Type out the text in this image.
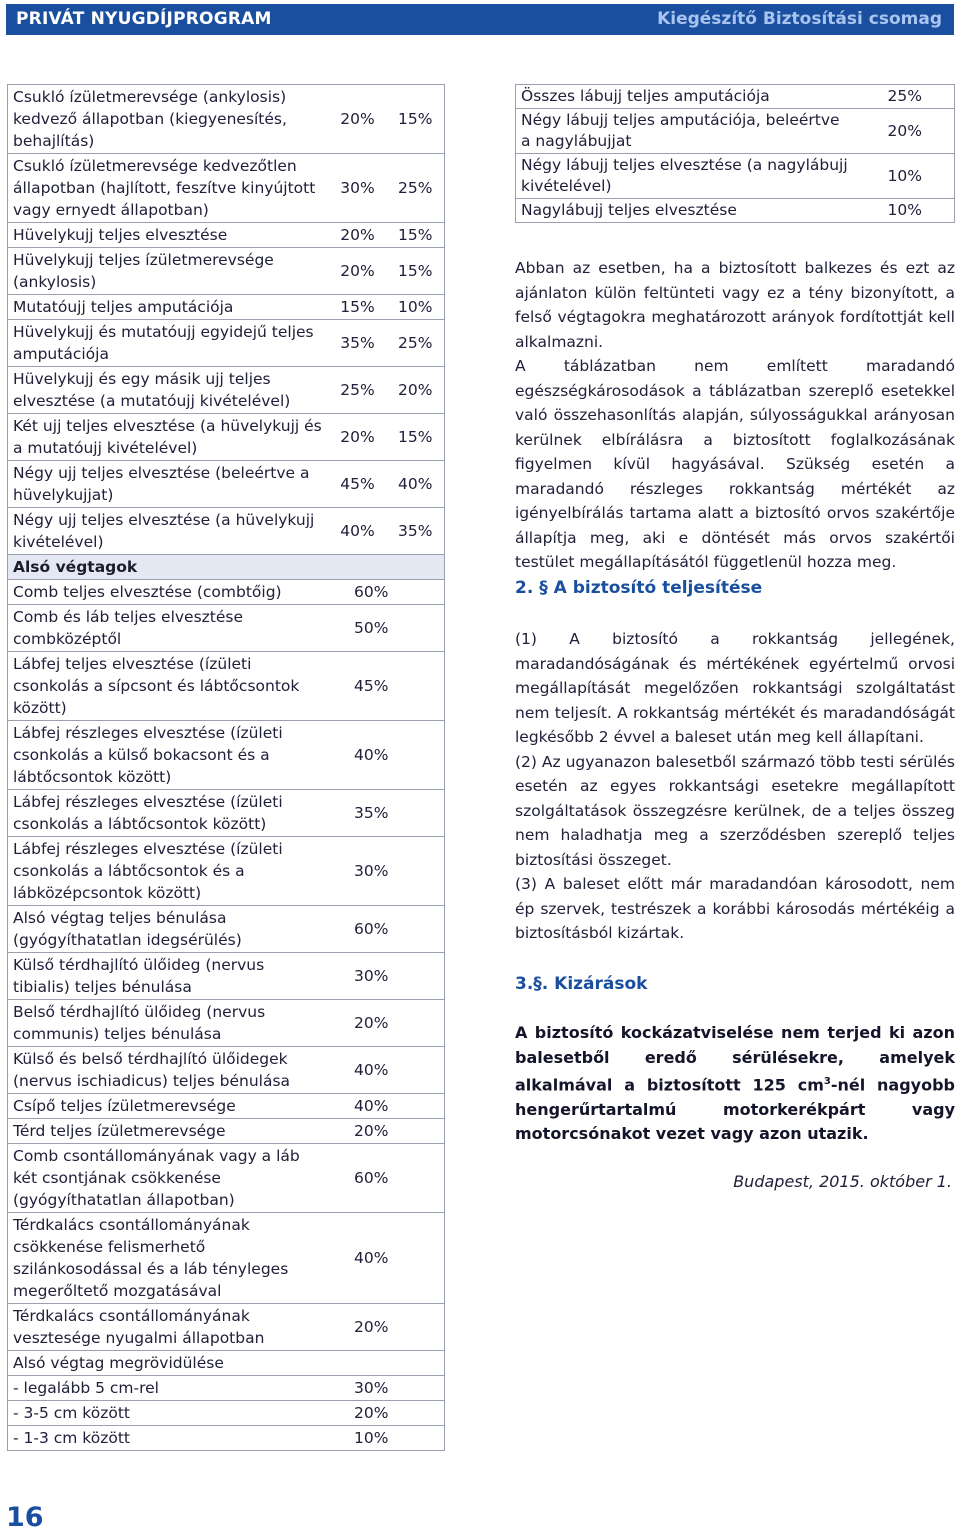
PRIVÁT NYUGDÍJPROGRAM	Kiegészítő Biztosítási csomag
Csukló ízületmerevsége (ankylosis) kedvező állapotban (kiegyenesítés, behajlítás)	20%	15%
Csukló ízületmerevsége kedvezőtlen állapotban (hajlított, feszítve kinyújtott vagy ernyedt állapotban)	30%	25%
Hüvelykujj teljes elvesztése	20%	15%
Hüvelykujj teljes ízületmerevsége (ankylosis)	20%	15%
Mutatóujj teljes amputációja	15%	10%
Hüvelykujj és mutatóujj egyidejű teljes amputációja	35%	25%
Hüvelykujj és egy másik ujj teljes elvesztése (a mutatóujj kivételével)	25%	20%
Két ujj teljes elvesztése (a hüvelykujj és a mutatóujj kivételével)	20%	15%
Négy ujj teljes elvesztése (beleértve a hüvelykujjat)	45%	40%
Négy ujj teljes elvesztése (a hüvelykujj kivételével)	40%	35%
Alsó végtagok		
Comb teljes elvesztése (combtőig)	60%	
Comb és láb teljes elvesztése combközéptől	50%	
Lábfej teljes elvesztése (ízületi csonkolás a sípcsont és lábtőcsontok között)	45%	
Lábfej részleges elvesztése (ízületi csonkolás a külső bokacsont és a lábtőcsontok között)	40%	
Lábfej részleges elvesztése (ízületi csonkolás a lábtőcsontok között)	35%	
Lábfej részleges elvesztése (ízületi csonkolás a lábtőcsontok és a lábközépcsontok között)	30%	
Alsó végtag teljes bénulása (gyógyíthatatlan idegsérülés)	60%	
Külső térdhajlító ülőideg (nervus tibialis) teljes bénulása	30%	
Belső térdhajlító ülőideg (nervus communis) teljes bénulása	20%	
Külső és belső térdhajlító ülőidegek (nervus ischiadicus) teljes bénulása	40%	
Csípő teljes ízületmerevsége	40%	
Térd teljes ízületmerevsége	20%	
Comb csontállományának vagy a láb két csontjának csökkenése (gyógyíthatatlan állapotban)	60%	
Térdkalács csontállományának csökkenése felismerhető szilánkosodással és a láb tényleges megerőltető mozgatásával	40%	
Térdkalács csontállományának vesztesége nyugalmi állapotban	20%	
Alsó végtag megrövidülése		
- legalább 5 cm-rel	30%	
- 3-5 cm között	20%	
- 1-3 cm között	10%	
Összes lábujj teljes amputációja	25%
Négy lábujj teljes amputációja, beleértve a nagylábujjat	20%
Négy lábujj teljes elvesztése (a nagylábujj kivételével)	10%
Nagylábujj teljes elvesztése	10%

Abban az esetben, ha a biztosított balkezes és ezt az ajánlaton külön feltünteti vagy ez a tény bizonyított, a felső végtagokra meghatározott arányok fordítottját kell alkalmazni.

A táblázatban nem említett maradandó egészségkárosodások a táblázatban szereplő esetekkel való összehasonlítás alapján, súlyosságukkal arányosan kerülnek elbírálásra a biztosított foglalkozásának figyelmen kívül hagyásával. Szükség esetén a maradandó részleges rokkantság mértékét az igényelbírálás tartama alatt a biztosító orvos szakértője állapítja meg, aki e döntését más orvos szakértői testület megállapításától függetlenül hozza meg.

2. § A biztosító teljesítése

(1) A biztosító a rokkantság jellegének, maradandóságának és mértékének egyértelmű orvosi megállapítását megelőzően rokkantsági szolgáltatást nem teljesít. A rokkantság mértékét és maradandóságát legkésőbb 2 évvel a baleset után meg kell állapítani.

(2) Az ugyanazon balesetből származó több testi sérülés esetén az egyes rokkantsági esetekre megállapított szolgáltatások összegzésre kerülnek, de a teljes összeg nem haladhatja meg a szerződésben szereplő teljes biztosítási összeget.

(3) A baleset előtt már maradandóan károsodott, nem ép szervek, testrészek a korábbi károsodás mértékéig a biztosításból kizártak.

3.§. Kizárások
A biztosító kockázatviselése nem terjed ki azon balesetből eredő sérülésekre, amelyek alkalmával a biztosított 125 $cm^3$-nél nagyobb hengerűrtartalmú motorkerékpárt vagy motorcsónakot vezet vagy azon utazik.
Budapest, 2015. október 1.
16
